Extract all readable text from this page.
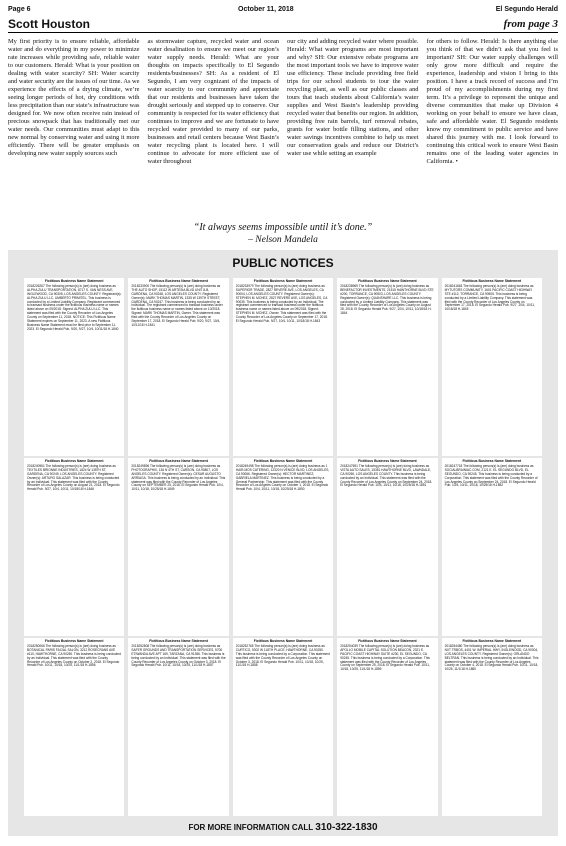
Page 6	October 11, 2018	El Segundo Herald
Scott Houston	from page 3

My first priority is to ensure reliable, affordable water and do everything in my power to minimize rate increases while providing safe, reliable water to our customers. Herald: What is your position on dealing with water scarcity? SH: Water scarcity and water security are the issues of our time. As we experience the effects of a drying climate, we’re seeing longer periods of hot, dry conditions with less precipitation than our state’s infrastructure was designed for. We now often receive rain instead of precious snowpack that has traditionally met our water needs. Our communities must adapt to this new normal by conserving water and using it more efficiently. There will be greater emphasis on developing new water supply sources such

as stormwater capture, recycled water and ocean water desalination to ensure we meet our region’s water supply needs. Herald: What are your thoughts on impacts specifically to El Segundo residents/businesses? SH: As a resident of El Segundo, I am very cognizant of the impacts of water scarcity to our community and appreciate that our residents and businesses have taken the drought seriously and stepped up to conserve. Our community is respected for its water efficiency that continues to improve and we are fortunate to have recycled water provided to many of our parks, businesses and retail centers because West Basin’s water recycling plant is located here. I will continue to advocate for more efficient use of water throughout

our city and adding recycled water where possible. Herald: What water programs are most important and why? SH: Our extensive rebate programs are the most important tools we have to improve water use efficiency. These include providing free field trips for our school students to tour the water recycling plant, as well as our public classes and tours that teach students about California’s water supplies and West Basin’s leadership providing recycled water that benefits our region. In addition, providing free rain barrels, turf removal rebates, grants for water bottle filling stations, and other water savings incentives combine to help us meet our conservation goals and reduce our District’s water use while setting an example

for others to follow. Herald: Is there anything else you think of that we didn’t ask that you feel is important? SH: Our water supply challenges will only grow more difficult and require the experience, leadership and vision I bring to this position. I have a track record of success and I’m proud of my accomplishments during my first term. It’s a privilege to represent the unique and diverse communities that make up Division 4 working on your behalf to ensure we have clean, safe and affordable water. El Segundo residents know my commitment to public service and have shared this journey with me. I look forward to continuing this critical work to ensure West Basin remains one of the leading water agencies in California. •

“It always seems impossible until it’s done.”
– Nelson Mandela
PUBLIC NOTICES
Fictitious Business Name Statement
2018226267 The following person(s) is (are) doing business as ALPHA ZULU TRANSPORTATION, 8717 S. VAN NESS AVE, INGLEWOOD, CA 90305, LOS ANGELES COUNTY. Registrant(s): ALPHA ZULU LLC, UMBERTO PRIMITEL. This business is conducted by a Limited Liability Company. Registrant commenced to transact business under the fictitious business name or names listed above on 09/2018. Signed: ALPHA ZULU LLC. This statement was filed with the County Recorder of Los Angeles County on September 11, 2018. NOTICE: This Fictitious Name Statement expires on September 11, 2023. A new Fictitious Business Name Statement must be filed prior to September 11, 2023. El Segundo Herald Pub. 9/20, 9/27, 10/4, 10/11/18 H-1840
Fictitious Business Name Statement
2018233900 The following person(s) is (are) doing business as THE AUTO SHOP, 15112 W ARTESIA BLVD UNIT 8-B, GARDENA, CA 90248, LOS ANGELES COUNTY. Registered Owner(s): MARK THOMAS MARTIN, 1335 W 139TH STREET, GARDENA, CA 90247. This business is being conducted by an Individual. The registrant commenced to transact business under the fictitious business name or names listed above on 10/2018. Signed: MARK THOMAS MARTIN, Owner. This statement was filed with the County Recorder of Los Angeles County on September 17, 2018. El Segundo Herald Pub. 9/20, 9/27, 10/4, 10/11/18 H-1841
Fictitious Business Name Statement
2018233979 The following person(s) is (are) doing business as SUPERIOR TRADE, 2827 REVERE AVE, LOS ANGELES, CA 90004, LOS ANGELES COUNTY. Registered Owner(s): STEPHEN M. MCHEZ, 2827 REVERE AVE, LOS ANGELES, CA 90039. This business is being conducted by an Individual. The registrant commenced to transact business under the fictitious business name or names listed above on 09/2018. Signed: STEPHEN M. MCHEZ, Owner. This statement was filed with the County Recorder of Los Angeles County on September 17, 2018. El Segundo Herald Pub. 9/27, 10/4, 10/11, 10/18/18 H-1843
Fictitious Business Name Statement
2018238969 The following person(s) is (are) doing business as BENEFACTOR INVESTMENTS, 21515 HAWTHORNE BLVD STE #200, TORRANCE, CA 90503, LOS ANGELES COUNTY. Registered Owner(s): QUANSHARE LLC. This business is being conducted by a Limited Liability Company. This statement was filed with the County Recorder of Los Angeles County on August 28, 2018. El Segundo Herald Pub. 9/27, 10/4, 10/11, 10/18/18 H-1844
Fictitious Business Name Statement
2018241663 The following person(s) is (are) doing business as MYTUTORS COMMUNITY, 1601 PACIFIC COAST HIGHWAY STE #112, TORRANCE, CA 90505. This business is being conducted by a Limited Liability Company. This statement was filed with the County Recorder of Los Angeles County on September 17, 2018. El Segundo Herald Pub. 9/27, 10/4, 10/11, 10/18/18 H-1845
Fictitious Business Name Statement
2018240961 The following person(s) is (are) doing business as TEXTILES BRIONNE INDUSTRIES, 1824 W 135TH ST, GARDENA, CA 90249, LOS ANGELES COUNTY. Registered Owner(s): ARTURO SALAZAR. This business is being conducted by an Individual. This statement was filed with the County Recorder of Los Angeles County on August 21, 2018. El Segundo Herald Pub. 9/27, 10/4, 10/11, 10/18/18 H-1846
Fictitious Business Name Statement
2018249896 The following person(s) is (are) doing business as PHOTOGRAPHIX, 136 N 4TH ST, CARSON, CA 90807, LOS ANGELES COUNTY. Registered Owner(s): CESAR AUGUSTO ARRIAGA. This business is being conducted by an Individual. This statement was filed with the County Recorder of Los Angeles County on SEPTEMBER 25, 2018. El Segundo Herald Pub. 10/4, 10/11, 10/18, 10/25/18 H-1849
Fictitious Business Name Statement
2018249498 The following person(s) is (are) doing business as 1 HAIR-MOS CATERING, 12320 N VENICE BLVD, LOS ANGELES, CA 90066. Registered Owner(s): HECTOR MARTINEZ, GABRIELA MARTINEZ. This business is being conducted by a General Partnership. This statement was filed with the County Recorder of Los Angeles County on October 1, 2018. El Segundo Herald Pub. 10/4, 10/11, 10/18, 10/25/18 H-1850
Fictitious Business Name Statement
2018247691 The following person(s) is (are) doing business as VISTA AUTO SALES, 15351 HAWTHORNE BLVD, LAWNDALE, CA 90260, LOS ANGELES COUNTY. This business is being conducted by an Individual. This statement was filed with the County Recorder of Los Angeles County on September 24, 2018. El Segundo Herald Pub. 10/4, 10/11, 10/18, 10/25/18 H-1851
Fictitious Business Name Statement
2018247718 The following person(s) is (are) doing business as SOCIALBRAINIAC.COM, 2121 E. EL SEGUNDO BLVD, EL SEGUNDO, CA 90245. This business is being conducted by a Corporation. This statement was filed with the County Recorder of Los Angeles County on September 24, 2018. El Segundo Herald Pub. 10/4, 10/11, 10/18, 10/25/18 H-1852
Fictitious Business Name Statement
2018250066 The following person(s) is (are) doing business as BOTANICAL PARIS FACIAL SALON, 3212 ROSECRANS AVE #110, HAWTHORNE, CA 90250. This business is being conducted by an Individual. This statement was filed with the County Recorder of Los Angeles County on October 2, 2018. El Segundo Herald Pub. 10/11, 10/18, 10/25, 11/1/18 H-1856
Fictitious Business Name Statement
2018252808 The following person(s) is (are) doing business as SAFER GROUNDS AND TRANSPORTATION SERVICES, 5700 ETIWANDA AVE APT 169, TARZANA, CA 91356. This business is being conducted by an Individual. This statement was filed with the County Recorder of Los Angeles County on October 3, 2018. El Segundo Herald Pub. 10/11, 10/18, 10/25, 11/1/18 H-1857
Fictitious Business Name Statement
2018252765 The following person(s) is (are) doing business as CURTICO, 5302 W 118TH PLACE, HAWTHORNE, CA 90250. This business is being conducted by a Corporation. This statement was filed with the County Recorder of Los Angeles County on October 3, 2018. El Segundo Herald Pub. 10/11, 10/18, 10/25, 11/1/18 H-1858
Fictitious Business Name Statement
2018254039 The following person(s) is (are) doing business as APOLLO MOBILE CAPITAL SOLUTION BEACON, 2321 E. PACIFIC COAST HIGHWAY SUITE #230, EL SEGUNDO, CA 90245. This business is being conducted by a Corporation. This statement was filed with the County Recorder of Los Angeles County on September 25, 2018. El Segundo Herald Pub. 10/11, 10/18, 10/25, 11/1/18 H-1859
Fictitious Business Name Statement
2018254480 The following person(s) is (are) doing business as NXT TRBOS, 4401 W. IMPERIAL HWY, INGLEWOOD, CA 90304, LOS ANGELES COUNTY. Registered Owner(s): ORLANDO BELTRAN. This business is being conducted by an Individual. This statement was filed with the County Recorder of Los Angeles County on October 4, 2018. El Segundo Herald Pub. 10/11, 10/18, 10/25, 11/1/18 H-1860
FOR MORE INFORMATION CALL 310-322-1830
